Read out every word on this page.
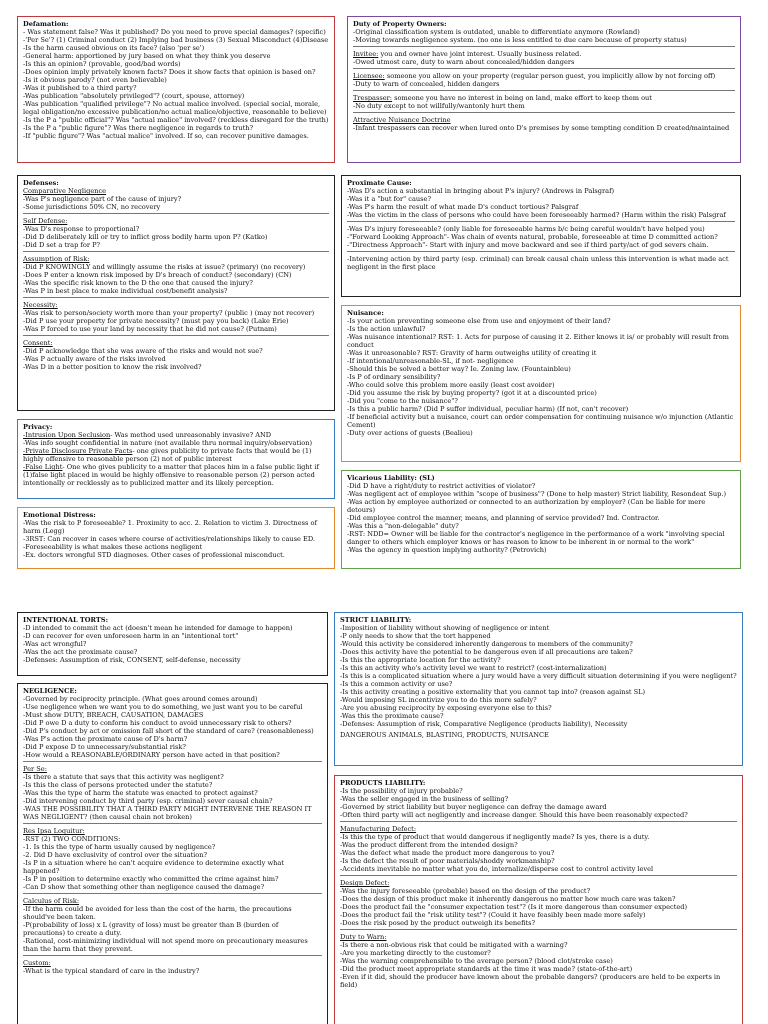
Defamation:
- Was statement false? Was it published? Do you need to prove special damages? (specific)
-'Per Se'? (1) Criminal conduct (2) Implying bad business (3) Sexual Misconduct (4)Disease
-Is the harm caused obvious on its face? (also 'per se')
-General harm: apportioned by jury based on what they think you deserve
-Is this an opinion? (provable, good/bad words)
-Does opinion imply privately known facts? Does it show facts that opinion is based on?
-Is it obvious parody? (not even believable)
-Was it published to a third party?
-Was publication "absolutely privileged"? (court, spouse, attorney)
-Was publication "qualified privilege"? No actual malice involved. (special social, morale, legal obligation/no excessive publication/no actual malice/objective, reasonable to believe)
-Is the P a "public official"? Was "actual malice" involved? (reckless disregard for the truth)
-Is the P a "public figure"? Was there negligence in regards to truth?
-If "public figure"? Was "actual malice" involved. If so, can recover punitive damages.
Duty of Property Owners:
-Original classification system is outdated, unable to differentiate anymore (Rowland)
-Moving towards negligence system. (no one is less entitled to due care because of property status)
Invitee: you and owner have joint interest. Usually business related.
-Owed utmost care, duty to warn about concealed/hidden dangers
Licensee: someone you allow on your property (regular person guest, you implicitly allow by not forcing off)
-Duty to warn of concealed, hidden dangers
Trespasser: someone you have no interest in being on land, make effort to keep them out
-No duty except to not willfully/wantonly hurt them
Attractive Nuisance Doctrine
-Infant trespassers can recover when lured onto D's premises by some tempting condition D created/maintained
Defenses:
Comparative Negligence
-Was P's negligence part of the cause of injury?
-Some jurisdictions 50% CN, no recovery
Self Defense:
-Was D's response to proportional?
-Did D deliberately kill or try to inflict gross bodily harm upon P? (Katko)
-Did D set a trap for P?
Assumption of Risk:
-Did P KNOWINGLY and willingly assume the risks at issue? (primary) (no recovery)
-Does P enter a known risk imposed by D's breach of conduct? (secondary) (CN)
-Was the specific risk known to the D the one that caused the injury?
-Was P in best place to make individual cost/benefit analysis?
Necessity:
-Was risk to person/society worth more than your property? (public ) (may not recover)
-Did P use your property for private necessity? (must pay you back) (Lake Erie)
-Was P forced to use your land by necessity that he did not cause? (Putnam)
Consent:
-Did P acknowledge that she was aware of the risks and would not sue?
-Was P actually aware of the risks involved
-Was D in a better position to know the risk involved?
Privacy:
-Intrusion Upon Seclusion- Was method used unreasonably invasive? AND
-Was info sought confidential in nature (not available thru normal inquiry/observation)
-Private Disclosure Private Facts- one gives publicity to private facts that would be (1) highly offensive to reasonable person (2) not of public interest
-False Light- One who gives publicity to a matter that places him in a false public light if (1)false light placed in would be highly offensive to reasonable person (2) person acted intentionally or recklessly as to publicized matter and its likely perception.
Emotional Distress:
-Was the risk to P foreseeable? 1. Proximity to acc. 2. Relation to victim 3. Directness of harm (Legg)
-3RST: Can recover in cases where course of activities/relationships likely to cause ED.
-Foreseeability is what makes these actions negligent
-Ex. doctors wrongful STD diagnoses. Other cases of professional misconduct.
Proximate Cause:
-Was D's action a substantial in bringing about P's injury? (Andrews in Palsgraf)
-Was it a "but for" cause?
-Was P's harm the result of what made D's conduct tortious? Palsgraf
-Was the victim in the class of persons who could have been foreseeably harmed? (Harm within the risk) Palsgraf
-Was D's injury foreseeable? (only liable for foreseeable harms b/c being careful wouldn't have helped you)
-"Forward Looking Approach"- Was chain of events natural, probable, foreseeable at time D committed action?
-"Directness Approach"- Start with injury and move backward and see if third party/act of god severs chain.
-Intervening action by third party (esp. criminal) can break causal chain unless this intervention is what made act negligent in the first place
Nuisance:
-Is your action preventing someone else from use and enjoyment of their land?
-Is the action unlawful?
-Was nuisance intentional? RST: 1. Acts for purpose of causing it 2. Either knows it is/ or probably will result from conduct
-Was it unreasonable? RST: Gravity of harm outweighs utility of creating it
-If intentional/unreasonable-SL, if not- negligence
-Should this be solved a better way? Ie. Zoning law. (Fountainbleu)
-Is P of ordinary sensibility?
-Who could solve this problem more easily (least cost avoider)
-Did you assume the risk by buying property? (got it at a discounted price)
-Did you "come to the nuisance"?
-Is this a public harm? (Did P suffer individual, peculiar harm) (If not, can't recover)
-If beneficial activity but a nuisance, court can order compensation for continuing nuisance w/o injunction (Atlantic Cement)
-Duty over actions of guests (Bealieu)
Vicarious Liability: (SL)
-Did D have a right/duty to restrict activities of violator?
-Was negligent act of employee within "scope of business"? (Done to help master) Strict liability, Resondeat Sup.)
-Was action by employee authorized or connected to an authorization by employer? (Can be liable for mere detours)
-Did employee control the manner, means, and planning of service provided? Ind. Contractor.
-Was this a "non-delegable" duty?
-RST: NDD= Owner will be liable for the contractor's negligence in the performance of a work "involving special danger to others which employer knows or has reason to know to be inherent in or normal to the work"
-Was the agency in question implying authority? (Petrovich)
INTENTIONAL TORTS:
-D intended to commit the act (doesn't mean he intended for damage to happen)
-D can recover for even unforeseen harm in an "intentional tort"
-Was act wrongful?
-Was the act the proximate cause?
-Defenses: Assumption of risk, CONSENT, self-defense, necessity
NEGLIGENCE:
-Governed by reciprocity principle. (What goes around comes around)
-Use negligence when we want you to do something, we just want you to be careful
-Must show DUTY, BREACH, CAUSATION, DAMAGES
-Did P owe D a duty to conform his conduct to avoid unnecessary risk to others?
-Did P's conduct by act or omission fall short of the standard of care? (reasonableness)
-Was P's action the proximate cause of D's harm?
-Did P expose D to unnecessary/substantial risk?
-How would a REASONABLE/ORDINARY person have acted in that position?
Per Se:
-Is there a statute that says that this activity was negligent?
-Is this the class of persons protected under the statute?
-Was this the type of harm the statute was enacted to protect against?
-Did intervening conduct by third party (esp. criminal) sever causal chain?
-WAS THE POSSIBILITY THAT A THIRD PARTY MIGHT INTERVENE THE REASON IT WAS NEGLIGENT? (then causal chain not broken)
Res Ipsa Loquitur:
-RST (2) TWO CONDITIONS:
-1. Is this the type of harm usually caused by negligence?
-2. Did D have exclusivity of control over the situation?
-Is P in a situation where he can't acquire evidence to determine exactly what happened?
-Is P in position to determine exactly who committed the crime against him?
-Can D show that something other than negligence caused the damage?
Calculus of Risk:
-If the harm could be avoided for less than the cost of the harm, the precautions should've been taken.
-P(probability of loss) x L (gravity of loss) must be greater than B (burden of precautions) to create a duty.
-Rational, cost-minimizing individual will not spend more on precautionary measures than the harm that they prevent.
Custom:
-What is the typical standard of care in the industry?
STRICT LIABILITY:
-Imposition of liability without showing of negligence or intent
-P only needs to show that the tort happened
-Would this activity be considered inherently dangerous to members of the community?
-Does this activity have the potential to be dangerous even if all precautions are taken?
-Is this the appropriate location for the activity?
-Is this an activity who's activity level we want to restrict? (cost-internalization)
-Is this is a complicated situation where a jury would have a very difficult situation determining if you were negligent?
-Is this a common activity or use?
-Is this activity creating a positive externality that you cannot tap into? (reason against SL)
-Would imposing SL incentivize you to do this more safely?
-Are you abusing reciprocity by exposing everyone else to this?
-Was this the proximate cause?
-Defenses: Assumption of risk, Comparative Negligence (products liability), Necessity
DANGEROUS ANIMALS, BLASTING, PRODUCTS, NUISANCE
PRODUCTS LIABILITY:
-Is the possibility of injury probable?
-Was the seller engaged in the business of selling?
-Governed by strict liability but buyer negligence can defray the damage award
-Often third party will act negligently and increase danger. Should this have been reasonably expected?
Manufacturing Defect:
-Is this the type of product that would dangerous if negligently made? Is yes, there is a duty.
-Was the product different from the intended design?
-Was the defect what made the product more dangerous to you?
-Is the defect the result of poor materials/shoddy workmanship?
-Accidents inevitable no matter what you do, internalize/disperse cost to control activity level
Design Defect:
-Was the injury foreseeable (probable) based on the design of the product?
-Does the design of this product make it inherently dangerous no matter how much care was taken?
-Does the product fail the "consumer expectation test"? (Is it more dangerous than consumer expected)
-Does the product fail the "risk utility test"? (Could it have feasibly been made more safely)
-Does the risk posed by the product outweigh its benefits?
Duty to Warn:
-Is there a non-obvious risk that could be mitigated with a warning?
-Are you marketing directly to the customer?
-Was the warning comprehensible to the average person? (blood clot/stroke case)
-Did the product meet appropriate standards at the time it was made? (state-of-the-art)
-Even if it did, should the producer have known about the probable dangers? (producers are held to be experts in field)
